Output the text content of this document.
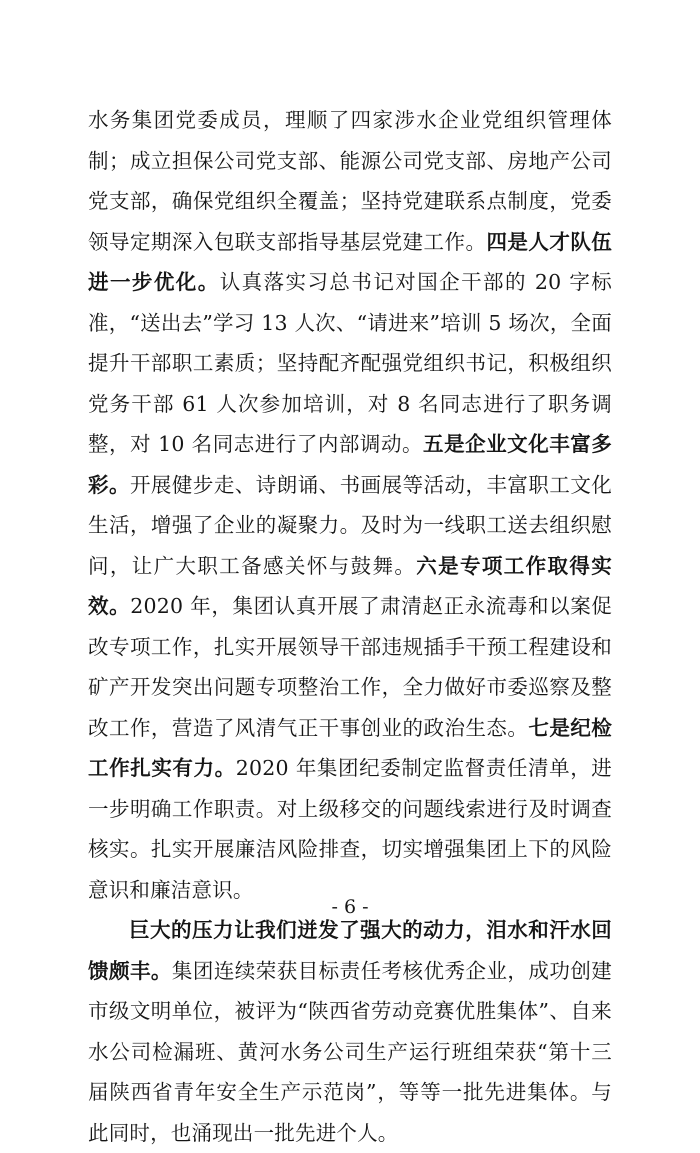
水务集团党委成员，理顺了四家涉水企业党组织管理体制；成立担保公司党支部、能源公司党支部、房地产公司党支部，确保党组织全覆盖；坚持党建联系点制度，党委领导定期深入包联支部指导基层党建工作。四是人才队伍进一步优化。认真落实习总书记对国企干部的 20 字标准，“送出去”学习 13 人次、“请进来”培训 5 场次，全面提升干部职工素质；坚持配齐配强党组织书记，积极组织党务干部 61 人次参加培训，对 8 名同志进行了职务调整，对 10 名同志进行了内部调动。五是企业文化丰富多彩。开展健步走、诗朗诵、书画展等活动，丰富职工文化生活，增强了企业的凝聚力。及时为一线职工送去组织慰问，让广大职工备感关怀与鼓舞。六是专项工作取得实效。2020 年，集团认真开展了肃清赵正永流毒和以案促改专项工作，扎实开展领导干部违规插手干预工程建设和矿产开发突出问题专项整治工作，全力做好市委巡察及整改工作，营造了风清气正干事创业的政治生态。七是纪检工作扎实有力。2020 年集团纪委制定监督责任清单，进一步明确工作职责。对上级移交的问题线索进行及时调查核实。扎实开展廉洁风险排查，切实增强集团上下的风险意识和廉洁意识。

巨大的压力让我们迸发了强大的动力，泪水和汗水回馈颇丰。集团连续荣获目标责任考核优秀企业，成功创建市级文明单位，被评为“陕西省劳动竞赛优胜集体”、自来水公司检漏班、黄河水务公司生产运行班组荣获“第十三届陕西省青年安全生产示范岗”，等等一批先进集体。与此同时，也涌现出一批先进个人。

- 6 -
